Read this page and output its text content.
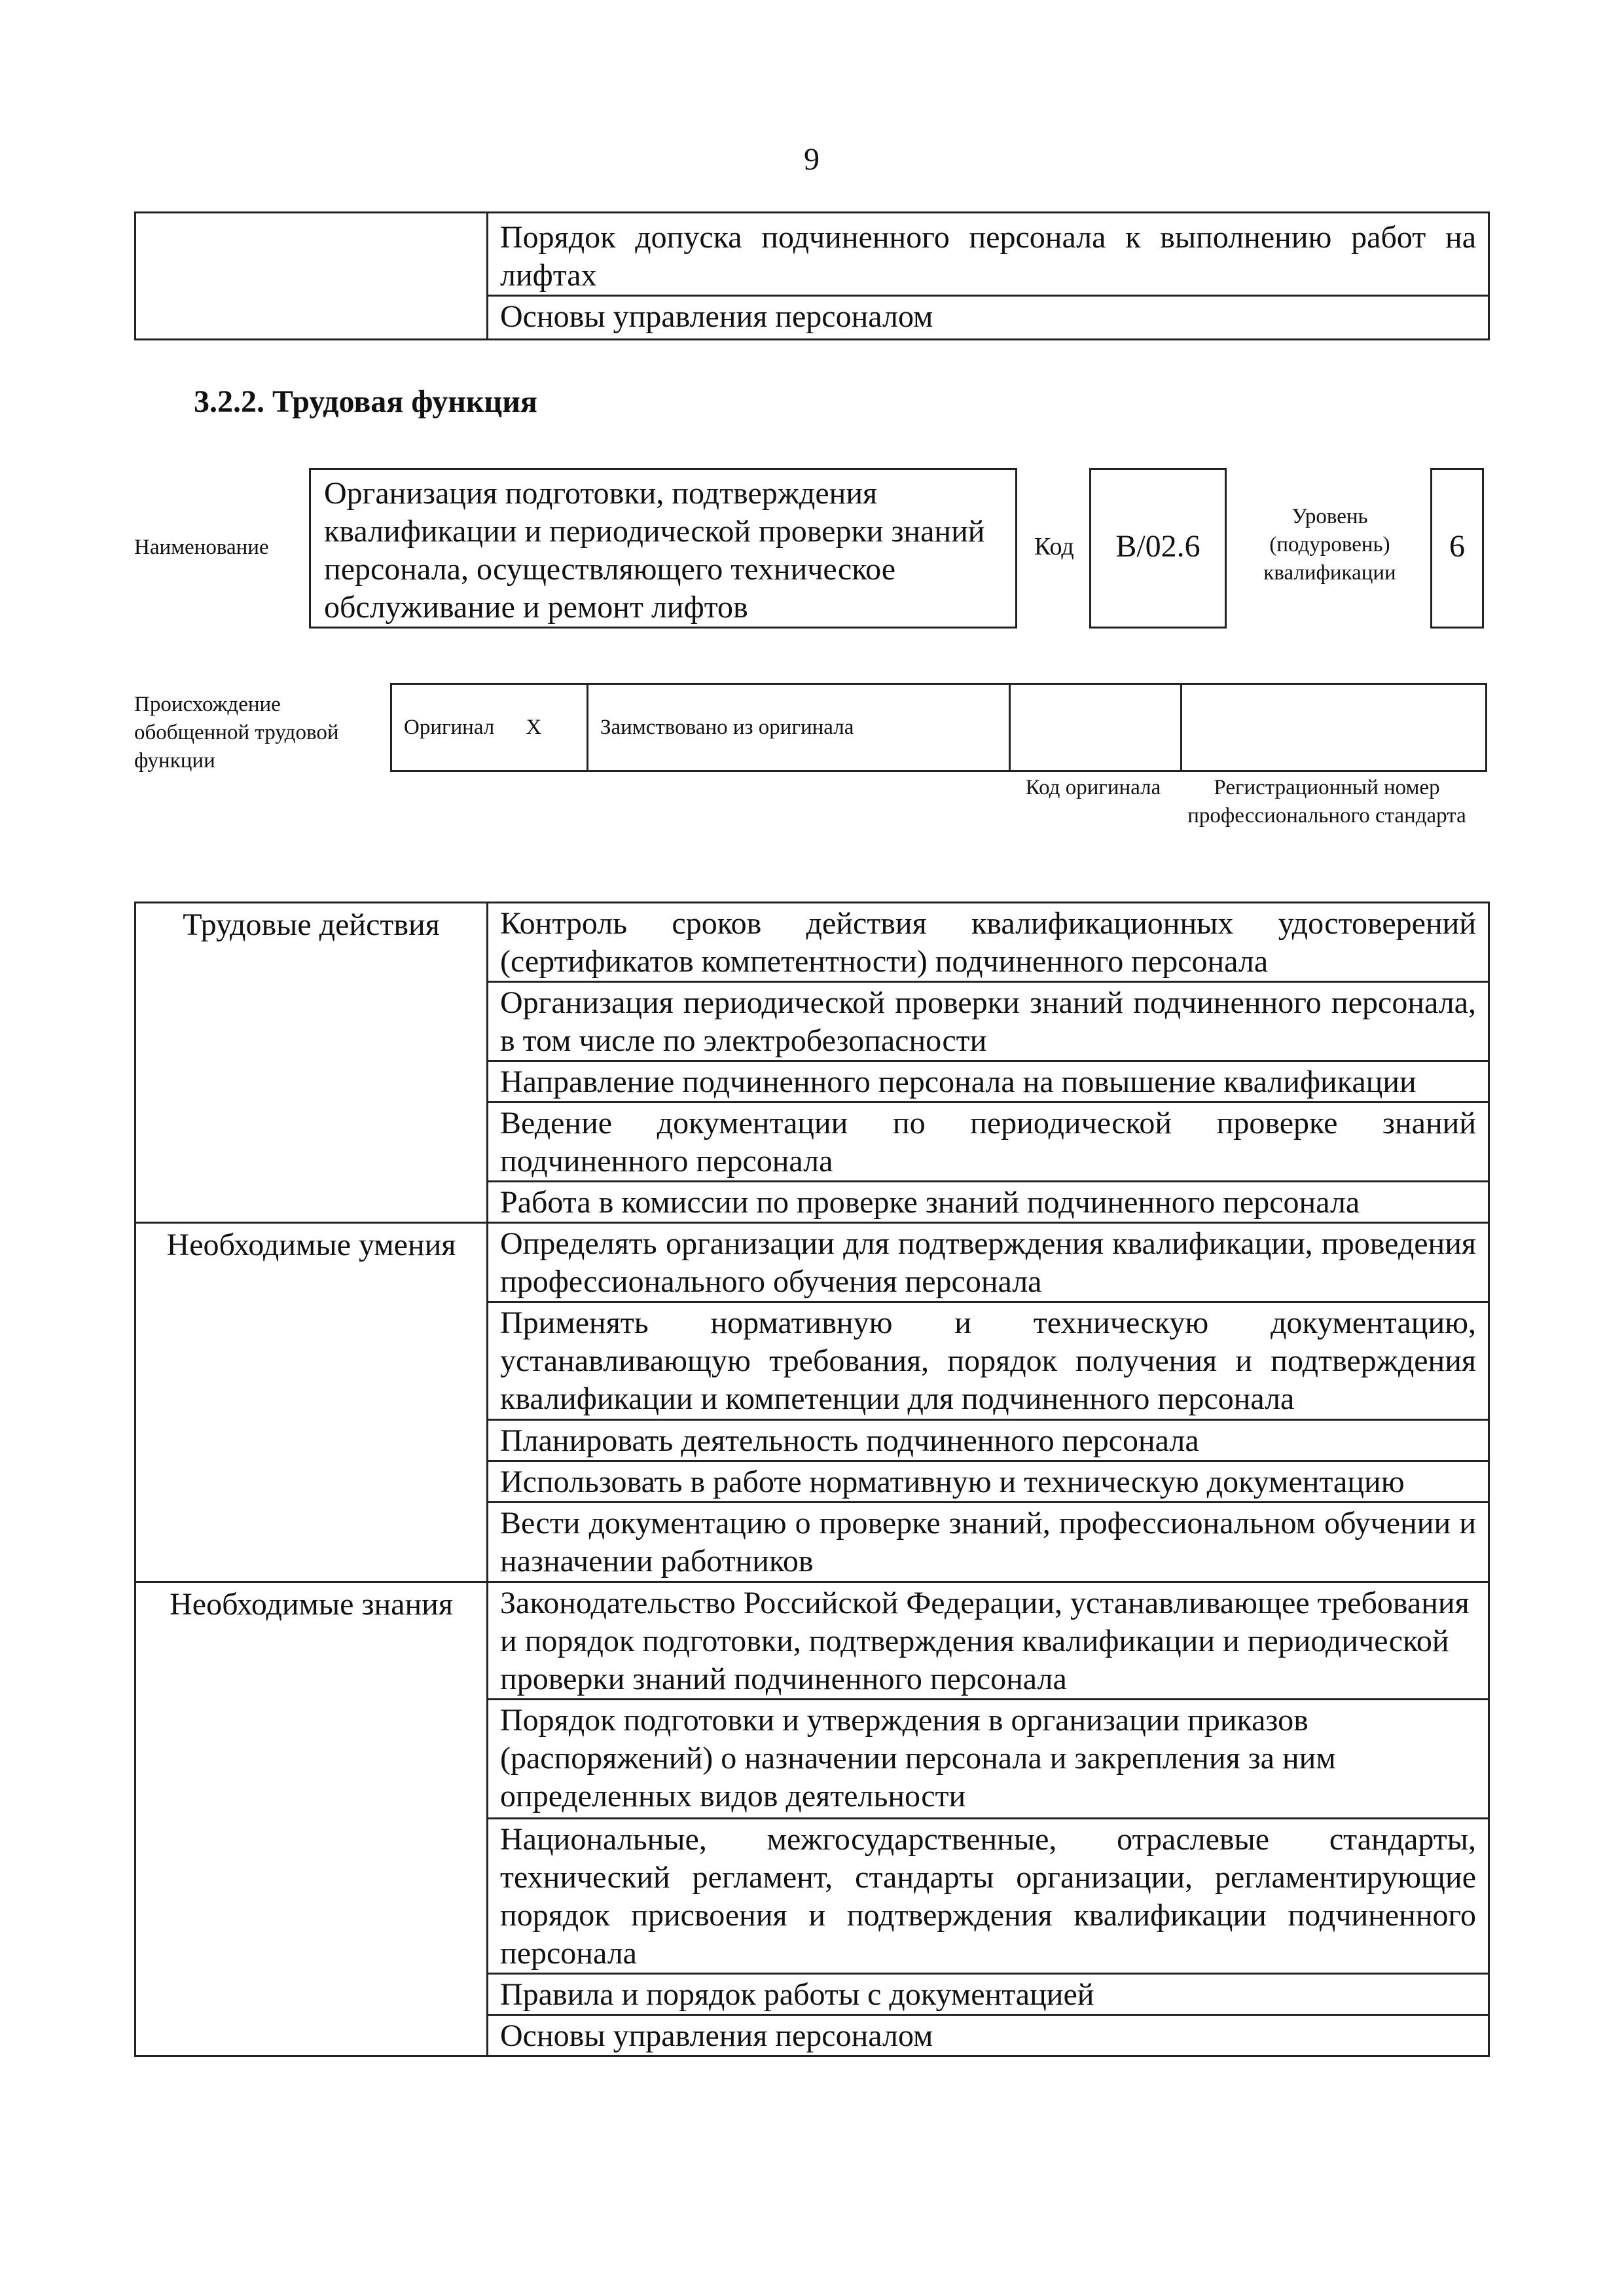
9
	Порядок допуска подчиненного персонала к выполнению работ на лифтах
Основы управления персоналом
3.2.2. Трудовая функция
Наименование
Организация подготовки, подтверждения квалификации и периодической проверки знаний персонала, осуществляющего техническое обслуживание и ремонт лифтов
Код	В/02.6
Уровень (подуровень) квалификации
6
Происхождение обобщенной трудовой функции
Оригинал Х	Заимствовано из оригинала		
Код оригинала	Регистрационный номер профессионального стандарта
Трудовые действия	Контроль сроков действия квалификационных удостоверений (сертификатов компетентности) подчиненного персонала
	Организация периодической проверки знаний подчиненного персонала, в том числе по электробезопасности
	Направление подчиненного персонала на повышение квалификации
	Ведение документации по периодической проверке знаний подчиненного персонала
	Работа в комиссии по проверке знаний подчиненного персонала
Необходимые умения	Определять организации для подтверждения квалификации, проведения профессионального обучения персонала
	Применять нормативную и техническую документацию, устанавливающую требования, порядок получения и подтверждения квалификации и компетенции для подчиненного персонала
	Планировать деятельность подчиненного персонала
	Использовать в работе нормативную и техническую документацию
	Вести документацию о проверке знаний, профессиональном обучении и назначении работников
Необходимые знания	Законодательство Российской Федерации, устанавливающее требования и порядок подготовки, подтверждения квалификации и периодической проверки знаний подчиненного персонала
	Порядок подготовки и утверждения в организации приказов (распоряжений) о назначении персонала и закрепления за ним определенных видов деятельности
	Национальные, межгосударственные, отраслевые стандарты, технический регламент, стандарты организации, регламентирующие порядок присвоения и подтверждения квалификации подчиненного персонала
	Правила и порядок работы с документацией
	Основы управления персоналом
